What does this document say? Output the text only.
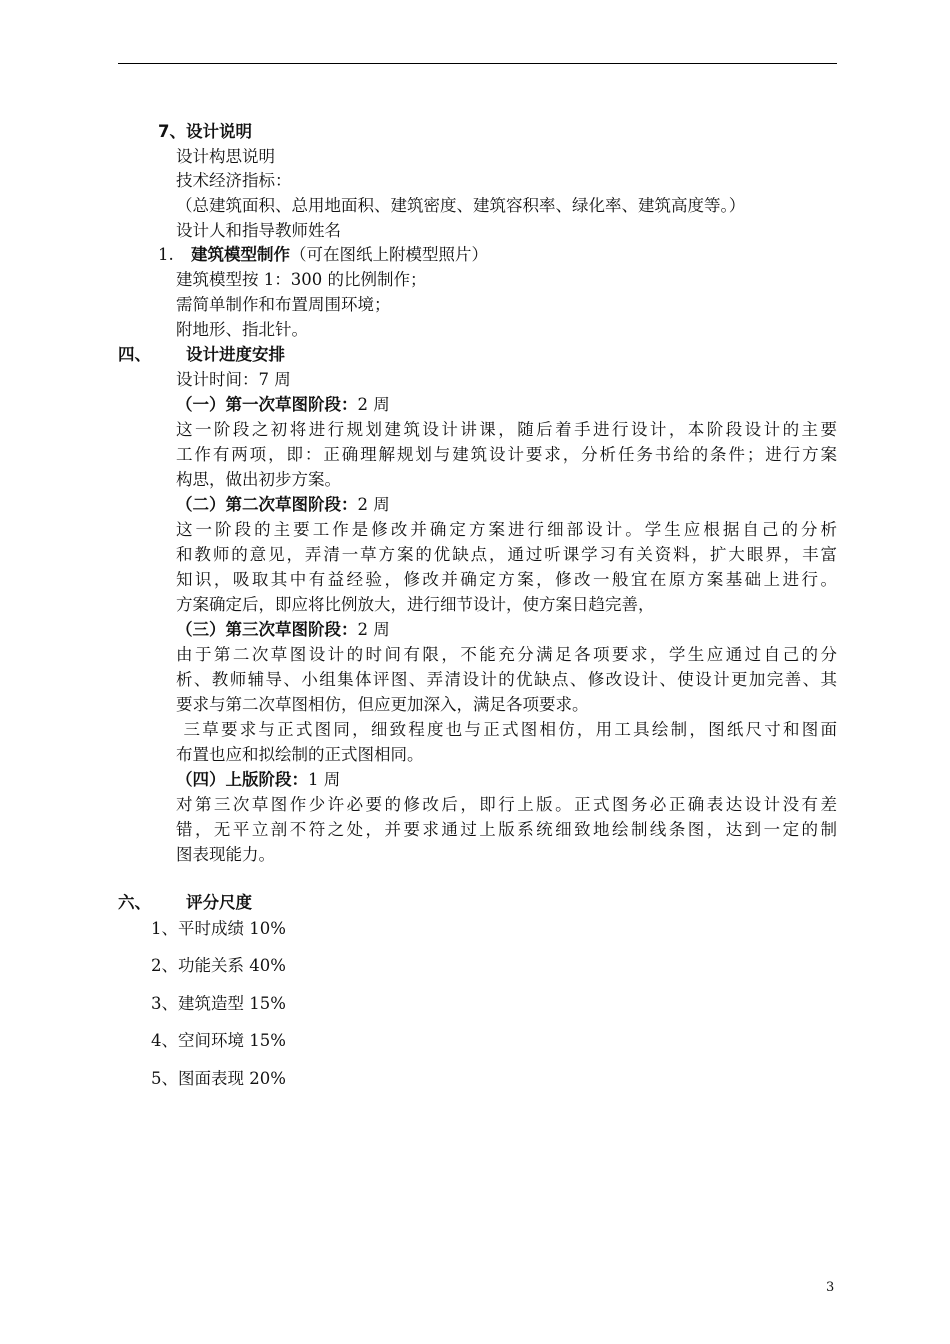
7、设计说明
设计构思说明
技术经济指标：
（总建筑面积、总用地面积、建筑密度、建筑容积率、绿化率、建筑高度等。）
设计人和指导教师姓名
1. 建筑模型制作（可在图纸上附模型照片）
建筑模型按 1：300 的比例制作；
需简单制作和布置周围环境；
附地形、指北针。
四、 设计进度安排
设计时间：7 周
（一）第一次草图阶段：2 周
这一阶段之初将进行规划建筑设计讲课，随后着手进行设计，本阶段设计的主要
工作有两项，即：正确理解规划与建筑设计要求，分析任务书给的条件；进行方案
构思，做出初步方案。
（二）第二次草图阶段：2 周
这一阶段的主要工作是修改并确定方案进行细部设计。学生应根据自己的分析
和教师的意见，弄清一草方案的优缺点，通过听课学习有关资料，扩大眼界，丰富
知识，吸取其中有益经验，修改并确定方案，修改一般宜在原方案基础上进行。
方案确定后，即应将比例放大，进行细节设计，使方案日趋完善，
（三）第三次草图阶段：2 周
由于第二次草图设计的时间有限，不能充分满足各项要求，学生应通过自己的分
析、教师辅导、小组集体评图、弄清设计的优缺点、修改设计、使设计更加完善、其
要求与第二次草图相仿，但应更加深入，满足各项要求。
三草要求与正式图同，细致程度也与正式图相仿，用工具绘制，图纸尺寸和图面
布置也应和拟绘制的正式图相同。
（四）上版阶段：1 周
对第三次草图作少许必要的修改后，即行上版。正式图务必正确表达设计没有差
错，无平立剖不符之处，并要求通过上版系统细致地绘制线条图，达到一定的制
图表现能力。
六、 评分尺度
1、平时成绩 10%
2、功能关系 40%
3、建筑造型 15%
4、空间环境 15%
5、图面表现 20%
3
